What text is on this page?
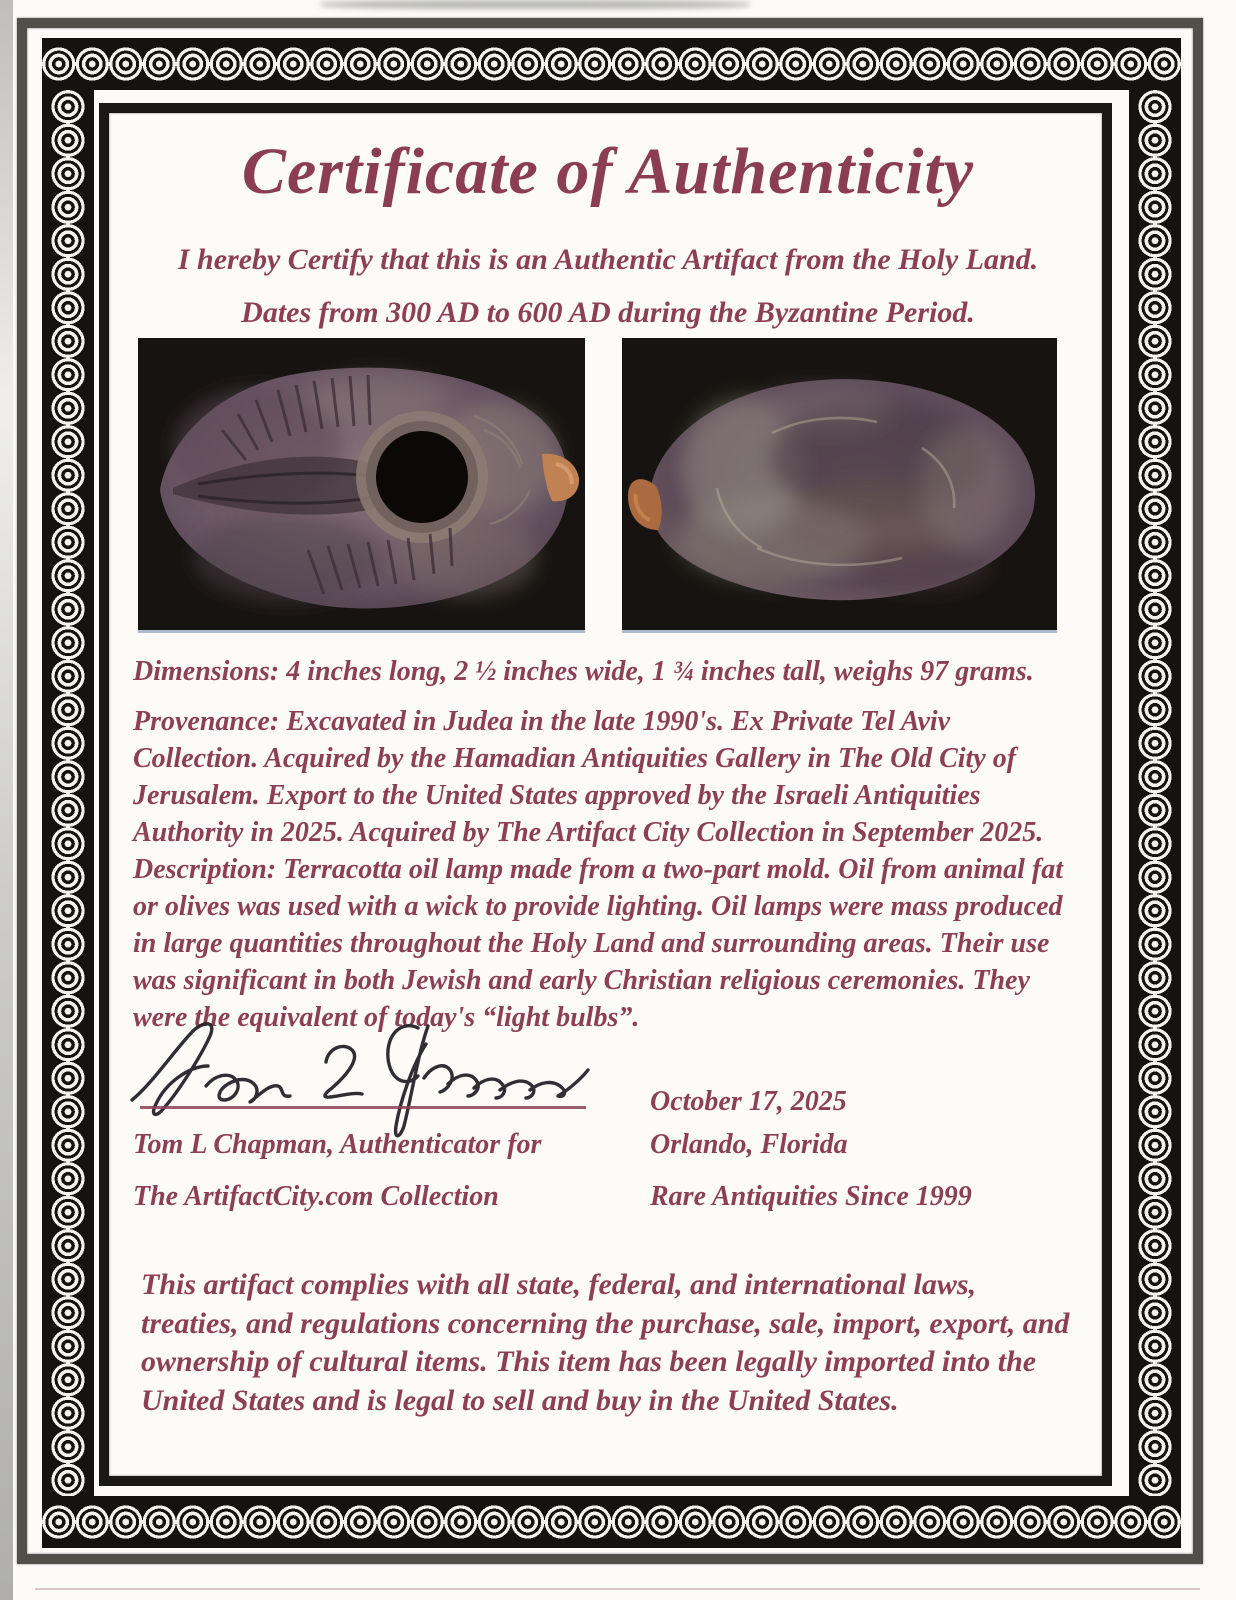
Certificate of Authenticity
I hereby Certify that this is an Authentic Artifact from the Holy Land.
Dates from 300 AD to 600 AD during the Byzantine Period.

Dimensions: 4 inches long, 2 ½ inches wide, 1 ¾ inches tall, weighs 97 grams.

Provenance: Excavated in Judea in the late 1990's. Ex Private Tel Aviv Collection. Acquired by the Hamadian Antiquities Gallery in The Old City of Jerusalem. Export to the United States approved by the Israeli Antiquities Authority in 2025. Acquired by The Artifact City Collection in September 2025.

Description: Terracotta oil lamp made from a two-part mold. Oil from animal fat or olives was used with a wick to provide lighting. Oil lamps were mass produced in large quantities throughout the Holy Land and surrounding areas. Their use was significant in both Jewish and early Christian religious ceremonies. They were the equivalent of today's “light bulbs”.

October 17, 2025
Tom L Chapman, Authenticator for	Orlando, Florida
The ArtifactCity.com Collection	Rare Antiquities Since 1999

This artifact complies with all state, federal, and international laws, treaties, and regulations concerning the purchase, sale, import, export, and ownership of cultural items. This item has been legally imported into the United States and is legal to sell and buy in the United States.
